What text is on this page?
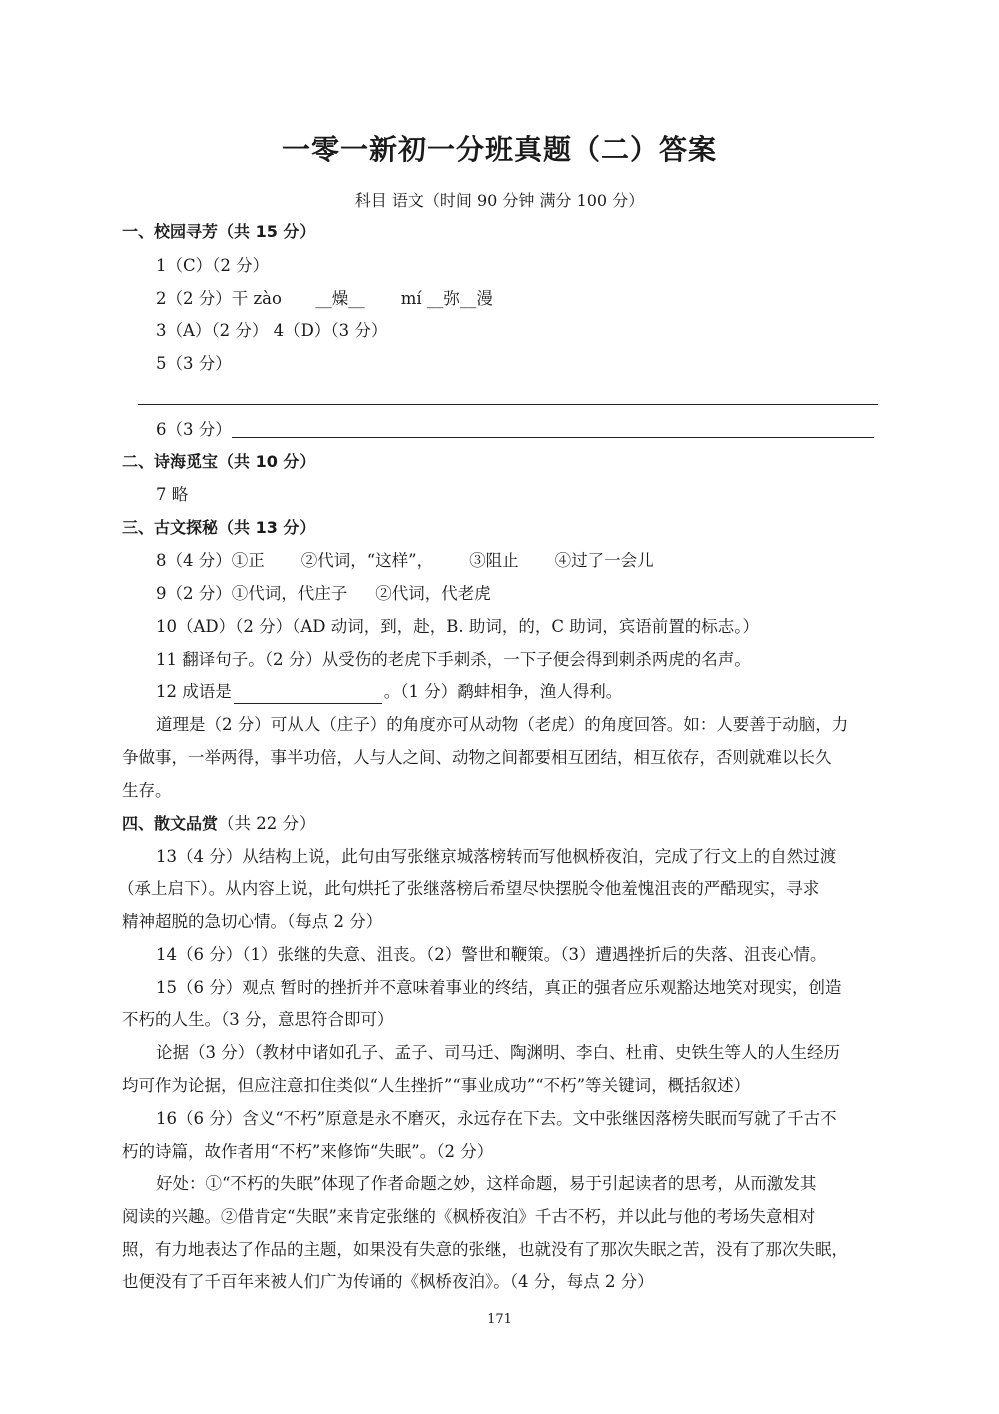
一零一新初一分班真题（二）答案
科目 语文（时间 90 分钟 满分 100 分）
一、校园寻芳（共 15 分）
1（C）（2 分）
2（2 分）干 zào __燥__ mí __弥__漫
3（A）（2 分） 4（D）（3 分）
5（3 分）
6（3 分）
二、诗海觅宝（共 10 分）
7 略
三、古文探秘（共 13 分）
8（4 分）①正 ②代词，“这样”， ③阻止 ④过了一会儿
9（2 分）①代词，代庄子 ②代词，代老虎
10（AD）（2 分）（AD 动词，到，赴，B. 助词，的，C 助词，宾语前置的标志。）
11 翻译句子。（2 分）从受伤的老虎下手刺杀，一下子便会得到刺杀两虎的名声。
12 成语是	。（1 分）鹬蚌相争，渔人得利。
道理是（2 分）可从人（庄子）的角度亦可从动物（老虎）的角度回答。如：人要善于动脑，力
争做事，一举两得，事半功倍，人与人之间、动物之间都要相互团结，相互依存，否则就难以长久
生存。
四、散文品赏（共 22 分）
13（4 分）从结构上说，此句由写张继京城落榜转而写他枫桥夜泊，完成了行文上的自然过渡
（承上启下）。从内容上说，此句烘托了张继落榜后希望尽快摆脱令他羞愧沮丧的严酷现实，寻求
精神超脱的急切心情。（每点 2 分）
14（6 分）（1）张继的失意、沮丧。（2）警世和鞭策。（3）遭遇挫折后的失落、沮丧心情。
15（6 分）观点 暂时的挫折并不意味着事业的终结，真正的强者应乐观豁达地笑对现实，创造
不朽的人生。（3 分，意思符合即可）
论据（3 分）（教材中诸如孔子、孟子、司马迁、陶渊明、李白、杜甫、史铁生等人的人生经历
均可作为论据，但应注意扣住类似“人生挫折”“事业成功”“不朽”等关键词，概括叙述）
16（6 分）含义“不朽”原意是永不磨灭，永远存在下去。文中张继因落榜失眠而写就了千古不
朽的诗篇，故作者用“不朽”来修饰“失眠”。（2 分）
好处：①“不朽的失眠”体现了作者命题之妙，这样命题，易于引起读者的思考，从而激发其
阅读的兴趣。②借肯定“失眠”来肯定张继的《枫桥夜泊》千古不朽，并以此与他的考场失意相对
照，有力地表达了作品的主题，如果没有失意的张继，也就没有了那次失眠之苦，没有了那次失眠，
也便没有了千百年来被人们广为传诵的《枫桥夜泊》。（4 分，每点 2 分）
171
